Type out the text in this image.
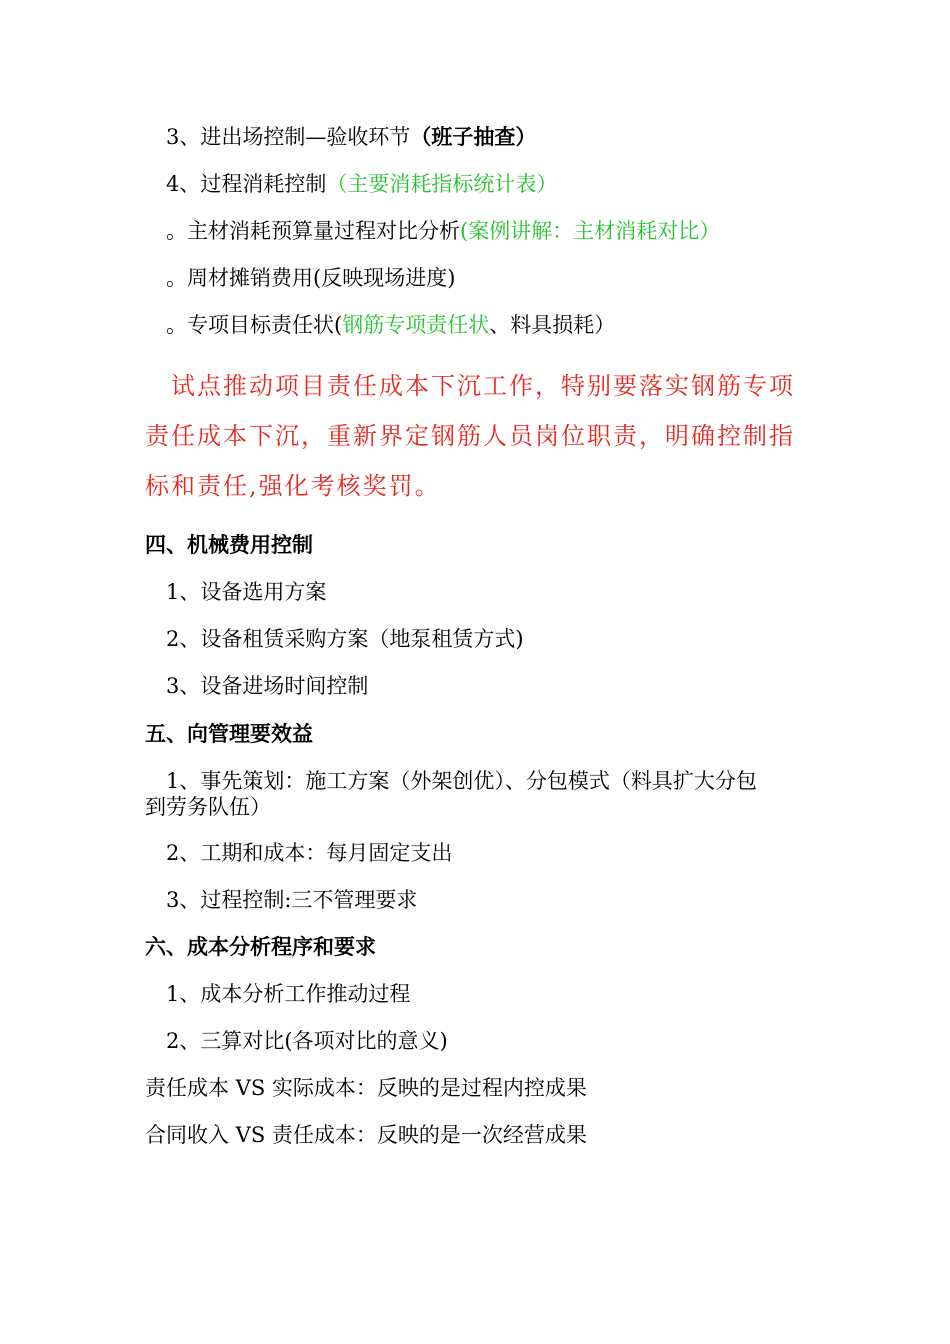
3、进出场控制—验收环节（班子抽查）
4、过程消耗控制（主要消耗指标统计表）
。主材消耗预算量过程对比分析(案例讲解：主材消耗对比）
。周材摊销费用(反映现场进度)
。专项目标责任状(钢筋专项责任状、料具损耗）
试点推动项目责任成本下沉工作，特别要落实钢筋专项
责任成本下沉，重新界定钢筋人员岗位职责，明确控制指
标和责任,强化考核奖罚。
四、机械费用控制
1、设备选用方案
2、设备租赁采购方案（地泵租赁方式)
3、设备进场时间控制
五、向管理要效益
1、事先策划：施工方案（外架创优）、分包模式（料具扩大分包
到劳务队伍）
2、工期和成本：每月固定支出
3、过程控制:三不管理要求
六、成本分析程序和要求
1、成本分析工作推动过程
2、三算对比(各项对比的意义)
责任成本 VS 实际成本：反映的是过程内控成果
合同收入 VS 责任成本：反映的是一次经营成果
